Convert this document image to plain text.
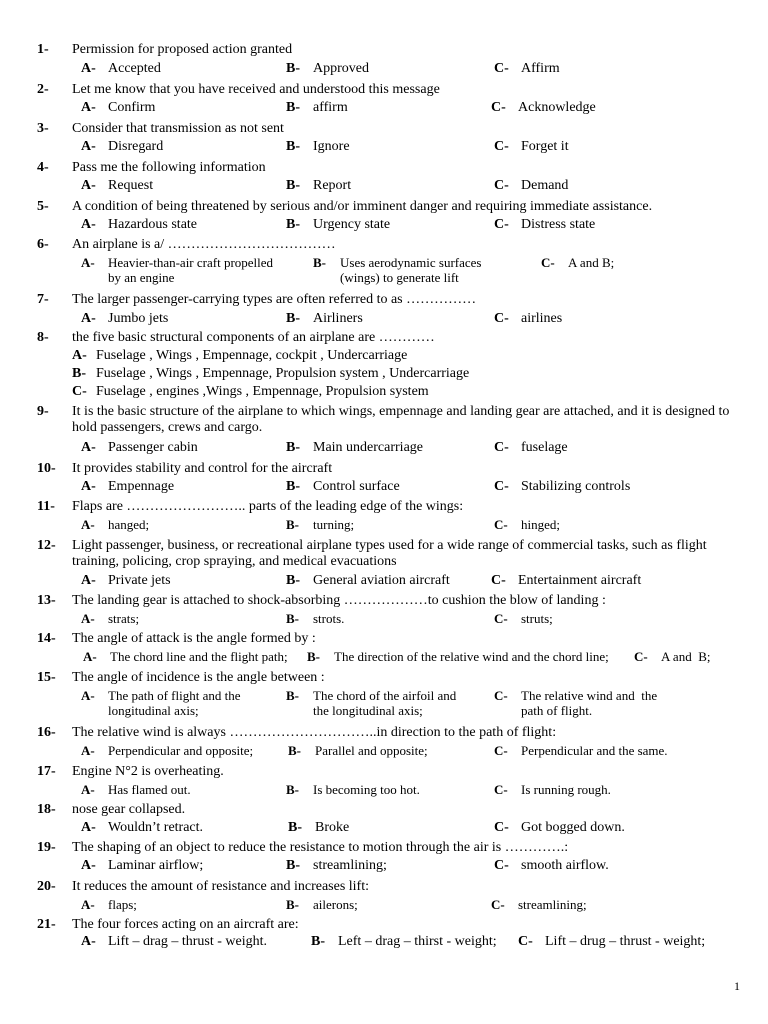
1- Permission for proposed action granted
A- Accepted	B- Approved	C- Affirm
2- Let me know that you have received and understood this message
A- Confirm	B- affirm	C- Acknowledge
3- Consider that transmission as not sent
A- Disregard	B- Ignore	C- Forget it
4- Pass me the following information
A- Request	B- Report	C- Demand
5- A condition of being threatened by serious and/or imminent danger and requiring immediate assistance.
A- Hazardous state	B- Urgency state	C- Distress state
6- An airplane is a/ ………………………………
A- Heavier-than-air craft propelled
by an engine
B- Uses aerodynamic surfaces
(wings) to generate lift
C- A and B;
7- The larger passenger-carrying types are often referred to as ……………
A- Jumbo jets	B- Airliners	C- airlines
8- the five basic structural components of an airplane are …………
A- Fuselage , Wings , Empennage, cockpit , Undercarriage
B- Fuselage , Wings , Empennage, Propulsion system , Undercarriage
C- Fuselage , engines ,Wings , Empennage, Propulsion system
9- It is the basic structure of the airplane to which wings, empennage and landing gear are attached, and it is designed to hold passengers, crews and cargo.
A- Passenger cabin	B- Main undercarriage	C- fuselage
10- It provides stability and control for the aircraft
A- Empennage	B- Control surface	C- Stabilizing controls
11- Flaps are …………………….. parts of the leading edge of the wings:
A- hanged;	B- turning;	C- hinged;
12- Light passenger, business, or recreational airplane types used for a wide range of commercial tasks, such as flight training, policing, crop spraying, and medical evacuations
A- Private jets	B- General aviation aircraft	C- Entertainment aircraft
13- The landing gear is attached to shock-absorbing ………………to cushion the blow of landing :
A- strats;	B- strots.	C- struts;
14- The angle of attack is the angle formed by :
A- The chord line and the flight path; B- The direction of the relative wind and the chord line; C- A and  B;
15- The angle of incidence is the angle between :
A- The path of flight and the
longitudinal axis;
B- The chord of the airfoil and
the longitudinal axis;
C- The relative wind and  the
path of flight.
16- The relative wind is always …………………………..in direction to the path of flight:
A- Perpendicular and opposite;	B- Parallel and opposite;	C- Perpendicular and the same.
17- Engine N°2 is overheating.
A- Has flamed out.	B- Is becoming too hot.	C- Is running rough.
18- nose gear collapsed.
A- Wouldn’t retract.	B- Broke	C- Got bogged down.
19- The shaping of an object to reduce the resistance to motion through the air is ………….:
A- Laminar airflow;	B- streamlining;	C- smooth airflow.
20- It reduces the amount of resistance and increases lift:
A- flaps;	B- ailerons;	C- streamlining;
21- The four forces acting on an aircraft are:
A- Lift – drag – thrust - weight.	B- Left – drag – thirst - weight; C- Lift – drug – thrust - weight;
1
